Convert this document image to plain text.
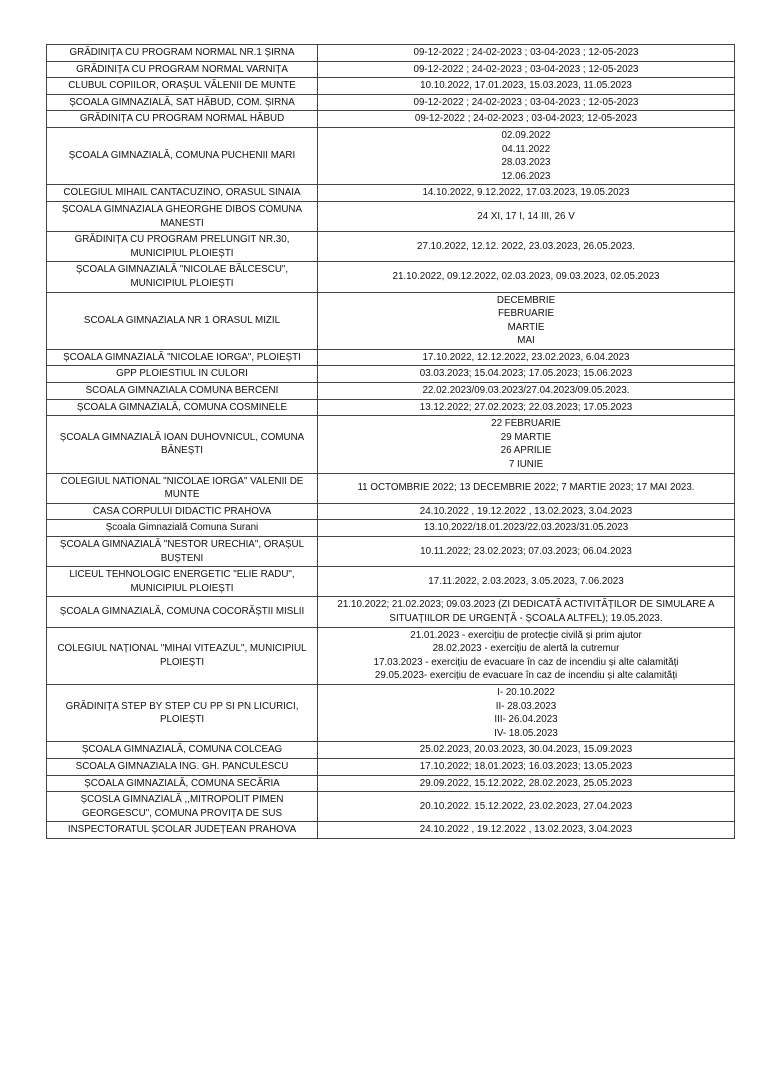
GRĂDINIȚA CU PROGRAM NORMAL NR.1 ȘIRNA	09-12-2022 ; 24-02-2023 ; 03-04-2023 ; 12-05-2023

GRĂDINIȚA CU PROGRAM NORMAL VARNIȚA	09-12-2022 ; 24-02-2023 ; 03-04-2023 ; 12-05-2023

CLUBUL COPIILOR, ORAȘUL VĂLENII DE MUNTE	10.10.2022, 17.01.2023, 15.03.2023, 11.05.2023

ȘCOALA GIMNAZIALĂ, SAT HĂBUD, COM. ȘIRNA	09-12-2022 ; 24-02-2023 ; 03-04-2023 ; 12-05-2023

GRĂDINIȚA CU PROGRAM NORMAL HĂBUD	09-12-2022 ; 24-02-2023 ; 03-04-2023; 12-05-2023

ȘCOALA GIMNAZIALĂ, COMUNA PUCHENII MARI	02.09.2022
04.11.2022
28.03.2023
12.06.2023

COLEGIUL MIHAIL CANTACUZINO, ORASUL SINAIA	14.10.2022, 9.12.2022, 17.03.2023, 19.05.2023

ȘCOALA GIMNAZIALA GHEORGHE DIBOS COMUNA MANESTI	24 XI, 17 I, 14 III, 26 V

GRĂDINIȚA CU PROGRAM PRELUNGIT NR.30, MUNICIPIUL PLOIEȘTI	27.10.2022, 12.12. 2022, 23.03.2023, 26.05.2023.

ȘCOALA GIMNAZIALĂ "NICOLAE BĂLCESCU", MUNICIPIUL PLOIEȘTI	21.10.2022, 09.12.2022, 02.03.2023, 09.03.2023, 02.05.2023

SCOALA GIMNAZIALA NR 1 ORASUL MIZIL	DECEMBRIE
FEBRUARIE
MARTIE
MAI

ȘCOALA GIMNAZIALĂ "NICOLAE IORGA", PLOIEȘTI	17.10.2022, 12.12.2022, 23.02.2023, 6.04.2023

GPP PLOIESTIUL IN CULORI	03.03.2023; 15.04.2023; 17.05.2023; 15.06.2023

SCOALA GIMNAZIALA COMUNA BERCENI	22.02.2023/09.03.2023/27.04.2023/09.05.2023.

ȘCOALA GIMNAZIALĂ, COMUNA COSMINELE	13.12.2022; 27.02.2023; 22.03.2023; 17.05.2023

ȘCOALA GIMNAZIALĂ IOAN DUHOVNICUL, COMUNA BĂNEȘTI	22 FEBRUARIE
29 MARTIE
26 APRILIE
7 IUNIE

COLEGIUL NATIONAL "NICOLAE IORGA" VALENII DE MUNTE	11 OCTOMBRIE 2022; 13 DECEMBRIE 2022; 7 MARTIE 2023; 17 MAI 2023.

CASA CORPULUI DIDACTIC PRAHOVA	24.10.2022 , 19.12.2022 , 13.02.2023, 3.04.2023

Școala Gimnazială Comuna Surani	13.10.2022/18.01.2023/22.03.2023/31.05.2023

ȘCOALA GIMNAZIALĂ "NESTOR URECHIA", ORAȘUL BUȘTENI	10.11.2022; 23.02.2023; 07.03.2023; 06.04.2023

LICEUL TEHNOLOGIC ENERGETIC "ELIE RADU", MUNICIPIUL PLOIEȘTI	17.11.2022, 2.03.2023, 3.05.2023, 7.06.2023

ȘCOALA GIMNAZIALĂ, COMUNA COCORĂȘTII MISLII	21.10.2022; 21.02.2023; 09.03.2023 (ZI DEDICATĂ ACTIVITĂȚILOR DE SIMULARE A SITUAȚIILOR DE URGENȚĂ - ȘCOALA ALTFEL); 19.05.2023.

COLEGIUL NAȚIONAL "MIHAI VITEAZUL", MUNICIPIUL PLOIEȘTI	21.01.2023 - exercițiu de protecție civilă și prim ajutor
28.02.2023 - exercițiu de alertă la cutremur
17.03.2023 - exercițiu de evacuare în caz de incendiu și alte calamități
29.05.2023- exercițiu de evacuare în caz de incendiu și alte calamități

GRĂDINIȚA STEP BY STEP CU PP SI PN LICURICI, PLOIEȘTI	I- 20.10.2022
II- 28.03.2023
III- 26.04.2023
IV- 18.05.2023

ȘCOALA GIMNAZIALĂ, COMUNA COLCEAG	25.02.2023, 20.03.2023, 30.04.2023, 15.09.2023

SCOALA GIMNAZIALA ING. GH. PANCULESCU	17.10.2022; 18.01.2023; 16.03.2023; 13.05.2023

ȘCOALA GIMNAZIALĂ, COMUNA SECĂRIA	29.09.2022, 15.12.2022, 28.02.2023, 25.05.2023

ȘCOSLA GIMNAZIALĂ ,,MITROPOLIT PIMEN GEORGESCU", COMUNA PROVIȚA DE SUS	20.10.2022. 15.12.2022, 23.02.2023, 27.04.2023

INSPECTORATUL ȘCOLAR JUDEȚEAN PRAHOVA	24.10.2022 , 19.12.2022 , 13.02.2023, 3.04.2023
